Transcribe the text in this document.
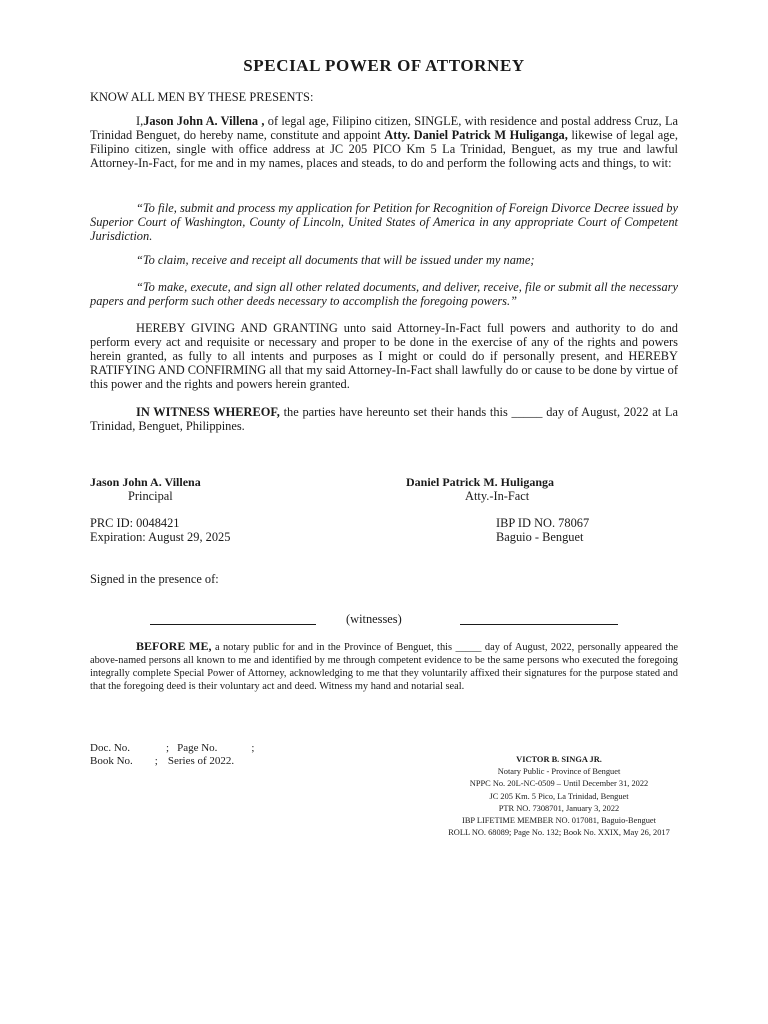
SPECIAL POWER OF ATTORNEY
KNOW ALL MEN BY THESE PRESENTS:
I,Jason John A. Villena , of legal age, Filipino citizen, SINGLE, with residence and postal address Cruz, La Trinidad Benguet, do hereby name, constitute and appoint Atty. Daniel Patrick M Huliganga, likewise of legal age, Filipino citizen, single with office address at JC 205 PICO Km 5 La Trinidad, Benguet, as my true and lawful Attorney-In-Fact, for me and in my names, places and steads, to do and perform the following acts and things, to wit:
“To file, submit and process my application for Petition for Recognition of Foreign Divorce Decree issued by Superior Court of Washington, County of Lincoln, United States of America in any appropriate Court of Competent Jurisdiction.
“To claim, receive and receipt all documents that will be issued under my name;
“To make, execute, and sign all other related documents, and deliver, receive, file or submit all the necessary papers and perform such other deeds necessary to accomplish the foregoing powers.”
HEREBY GIVING AND GRANTING unto said Attorney-In-Fact full powers and authority to do and perform every act and requisite or necessary and proper to be done in the exercise of any of the rights and powers herein granted, as fully to all intents and purposes as I might or could do if personally present, and HEREBY RATIFYING AND CONFIRMING all that my said Attorney-In-Fact shall lawfully do or cause to be done by virtue of this power and the rights and powers herein granted.
IN WITNESS WHEREOF, the parties have hereunto set their hands this _____ day of August, 2022 at La Trinidad, Benguet, Philippines.
Jason John A. Villena
Principal
Daniel Patrick M. Huliganga
Atty.-In-Fact
PRC ID: 0048421
Expiration: August 29, 2025
IBP ID NO. 78067
Baguio - Benguet
Signed in the presence of:
(witnesses)
BEFORE ME, a notary public for and in the Province of Benguet, this _____ day of August, 2022, personally appeared the above-named persons all known to me and identified by me through competent evidence to be the same persons who executed the foregoing integrally complete Special Power of Attorney, acknowledging to me that they voluntarily affixed their signatures for the purpose stated and that the foregoing deed is their voluntary act and deed. Witness my hand and notarial seal.
Doc. No.	; Page No.	;
Book No. ; Series of 2022.	VICTOR B. SINGA JR.
Notary Public - Province of Benguet
NPPC No. 20L-NC-0509 – Until December 31, 2022
JC 205 Km. 5 Pico, La Trinidad, Benguet
PTR NO. 7308701, January 3, 2022
IBP LIFETIME MEMBER NO. 017081, Baguio-Benguet
ROLL NO. 68089; Page No. 132; Book No. XXIX, May 26, 2017
